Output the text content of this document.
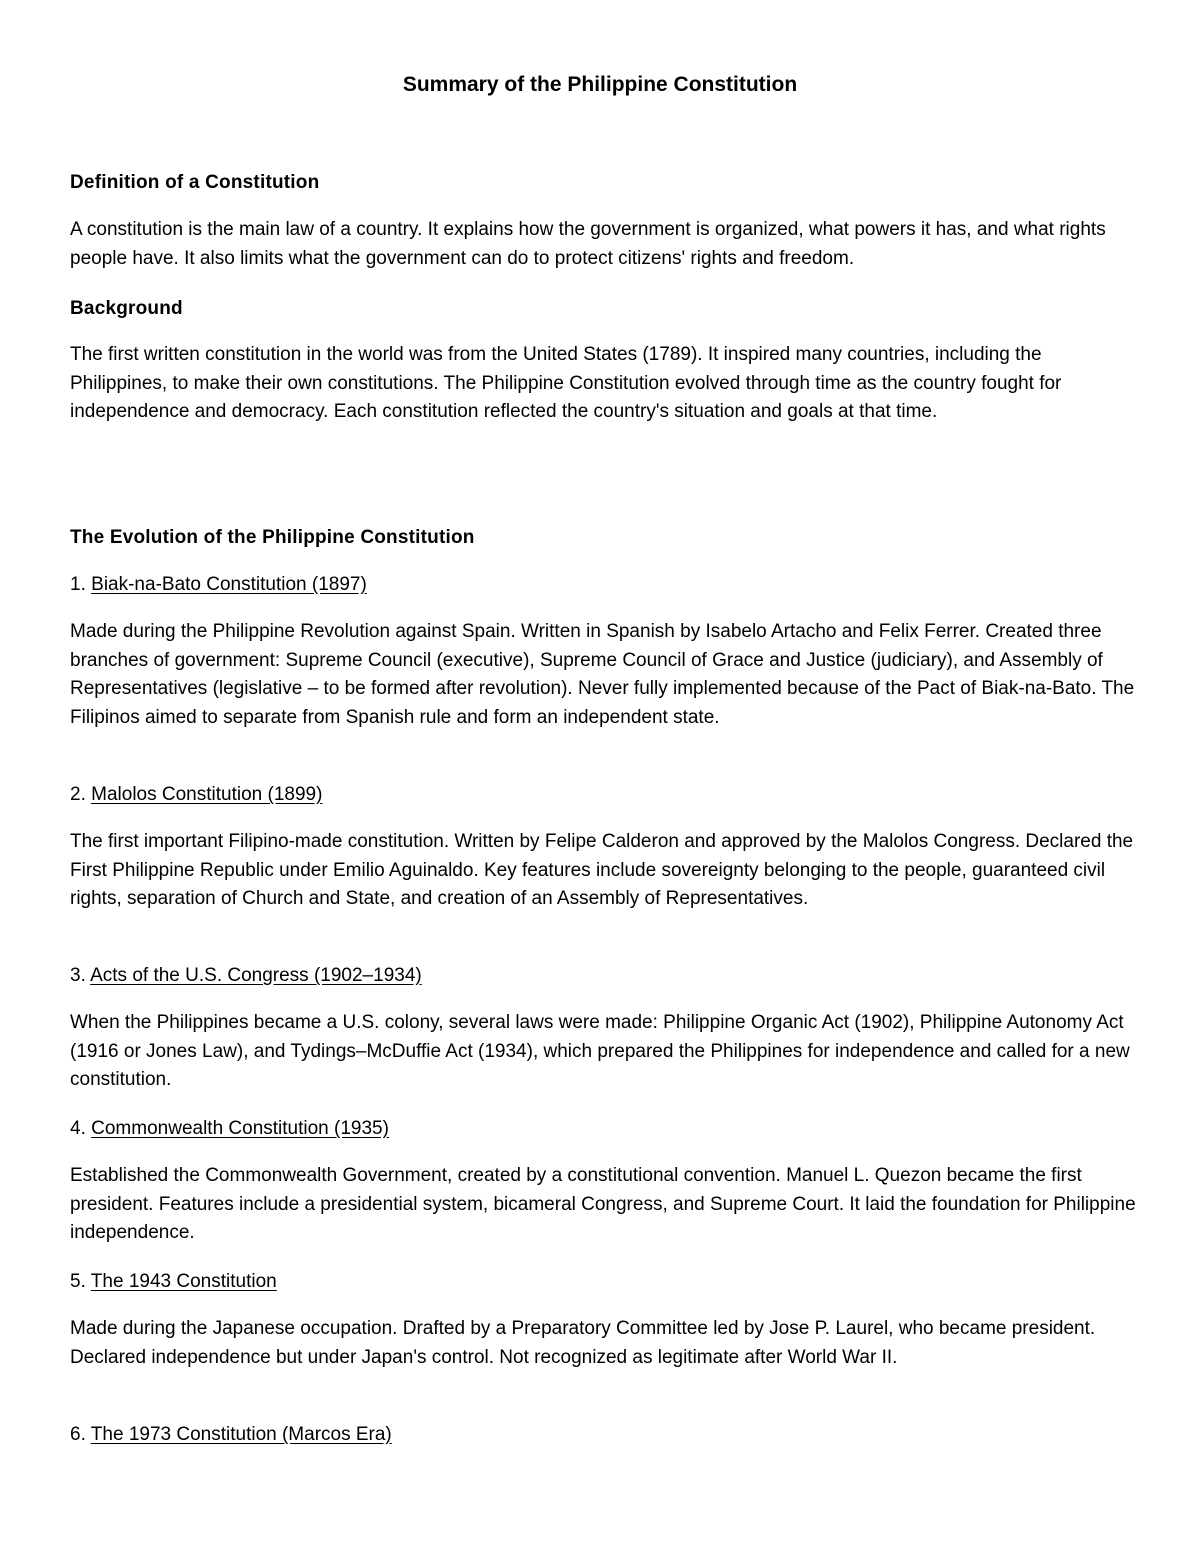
Summary of the Philippine Constitution
Definition of a Constitution

A constitution is the main law of a country. It explains how the government is organized, what powers it has, and what rights people have. It also limits what the government can do to protect citizens' rights and freedom.

Background

The first written constitution in the world was from the United States (1789). It inspired many countries, including the Philippines, to make their own constitutions. The Philippine Constitution evolved through time as the country fought for independence and democracy. Each constitution reflected the country's situation and goals at that time.

The Evolution of the Philippine Constitution

1. Biak-na-Bato Constitution (1897)

Made during the Philippine Revolution against Spain. Written in Spanish by Isabelo Artacho and Felix Ferrer. Created three branches of government: Supreme Council (executive), Supreme Council of Grace and Justice (judiciary), and Assembly of Representatives (legislative – to be formed after revolution). Never fully implemented because of the Pact of Biak-na-Bato. The Filipinos aimed to separate from Spanish rule and form an independent state.

2. Malolos Constitution (1899)

The first important Filipino-made constitution. Written by Felipe Calderon and approved by the Malolos Congress. Declared the First Philippine Republic under Emilio Aguinaldo. Key features include sovereignty belonging to the people, guaranteed civil rights, separation of Church and State, and creation of an Assembly of Representatives.

3. Acts of the U.S. Congress (1902–1934)

When the Philippines became a U.S. colony, several laws were made: Philippine Organic Act (1902), Philippine Autonomy Act (1916 or Jones Law), and Tydings–McDuffie Act (1934), which prepared the Philippines for independence and called for a new constitution.

4. Commonwealth Constitution (1935)

Established the Commonwealth Government, created by a constitutional convention. Manuel L. Quezon became the first president. Features include a presidential system, bicameral Congress, and Supreme Court. It laid the foundation for Philippine independence.

5. The 1943 Constitution

Made during the Japanese occupation. Drafted by a Preparatory Committee led by Jose P. Laurel, who became president. Declared independence but under Japan's control. Not recognized as legitimate after World War II.

6. The 1973 Constitution (Marcos Era)
